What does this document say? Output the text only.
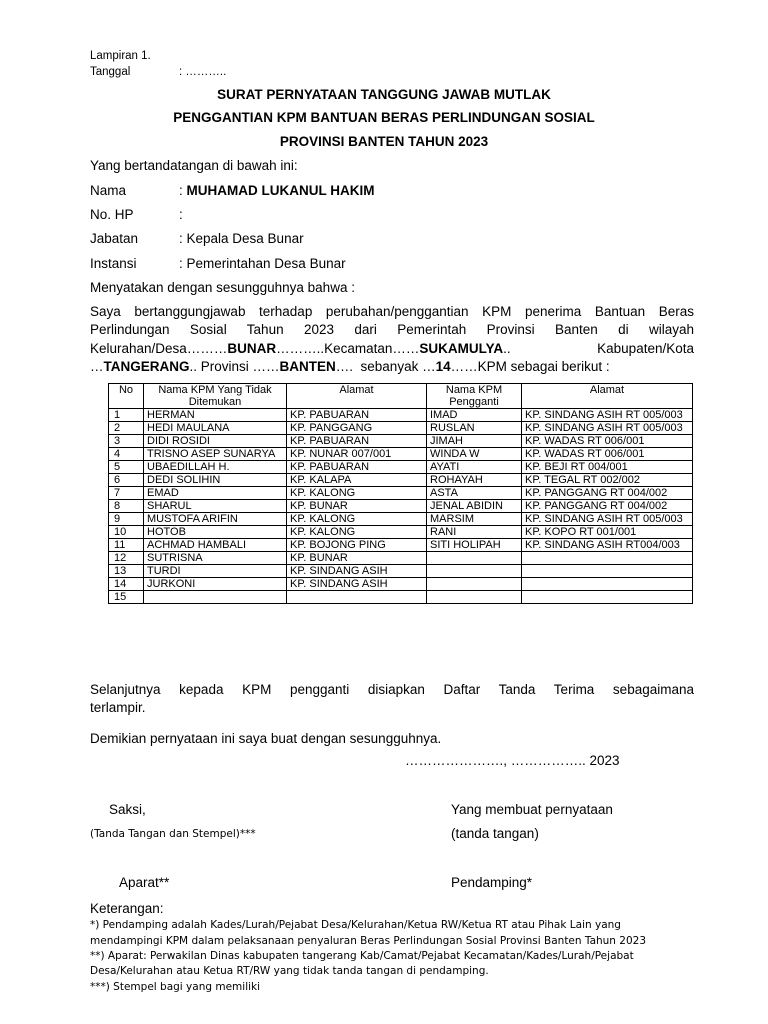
Lampiran 1.
Tanggal	: ………..
SURAT PERNYATAAN TANGGUNG JAWAB MUTLAK
PENGGANTIAN KPM BANTUAN BERAS PERLINDUNGAN SOSIAL
PROVINSI BANTEN TAHUN 2023
Yang bertandatangan di bawah ini:
Nama	: MUHAMAD LUKANUL HAKIM
No. HP	:
Jabatan	: Kepala Desa Bunar
Instansi	: Pemerintahan Desa Bunar
Menyatakan dengan sesungguhnya bahwa :
Saya bertanggungjawab terhadap perubahan/penggantian KPM penerima Bantuan Beras
Perlindungan Sosial Tahun 2023 dari Pemerintah Provinsi Banten di wilayah
Kelurahan/Desa………BUNAR………..Kecamatan……SUKAMULYA..	Kabupaten/Kota
…TANGERANG.. Provinsi ……BANTEN….  sebanyak …14……KPM sebagai berikut :
No	Nama KPM Yang Tidak Ditemukan	Alamat	Nama KPM Pengganti	Alamat
1	HERMAN	KP. PABUARAN	IMAD	KP. SINDANG ASIH RT 005/003
2	HEDI MAULANA	KP. PANGGANG	RUSLAN	KP. SINDANG ASIH RT 005/003
3	DIDI ROSIDI	KP. PABUARAN	JIMAH	KP. WADAS RT 006/001
4	TRISNO ASEP SUNARYA	KP. NUNAR 007/001	WINDA W	KP. WADAS RT 006/001
5	UBAEDILLAH H.	KP. PABUARAN	AYATI	KP. BEJI RT 004/001
6	DEDI SOLIHIN	KP. KALAPA	ROHAYAH	KP. TEGAL RT 002/002
7	EMAD	KP. KALONG	ASTA	KP. PANGGANG RT 004/002
8	SHARUL	KP. BUNAR	JENAL ABIDIN	KP. PANGGANG RT 004/002
9	MUSTOFA ARIFIN	KP. KALONG	MARSIM	KP. SINDANG ASIH RT 005/003
10	HOTOB	KP. KALONG	RANI	KP. KOPO RT 001/001
11	ACHMAD HAMBALI	KP. BOJONG PING	SITI HOLIPAH	KP. SINDANG ASIH RT004/003
12	SUTRISNA	KP. BUNAR		
13	TURDI	KP. SINDANG ASIH		
14	JURKONI	KP. SINDANG ASIH		
15				
Selanjutnya kepada KPM pengganti disiapkan Daftar Tanda Terima sebagaimana
terlampir.
Demikian pernyataan ini saya buat dengan sesungguhnya.
…………………., …………….. 2023
Saksi,
(Tanda Tangan dan Stempel)***
Yang membuat pernyataan
(tanda tangan)
Aparat**	Pendamping*
Keterangan:
*) Pendamping adalah Kades/Lurah/Pejabat Desa/Kelurahan/Ketua RW/Ketua RT atau Pihak Lain yang
mendampingi KPM dalam pelaksanaan penyaluran Beras Perlindungan Sosial Provinsi Banten Tahun 2023
**) Aparat: Perwakilan Dinas kabupaten tangerang Kab/Camat/Pejabat Kecamatan/Kades/Lurah/Pejabat
Desa/Kelurahan atau Ketua RT/RW yang tidak tanda tangan di pendamping.
***) Stempel bagi yang memiliki
